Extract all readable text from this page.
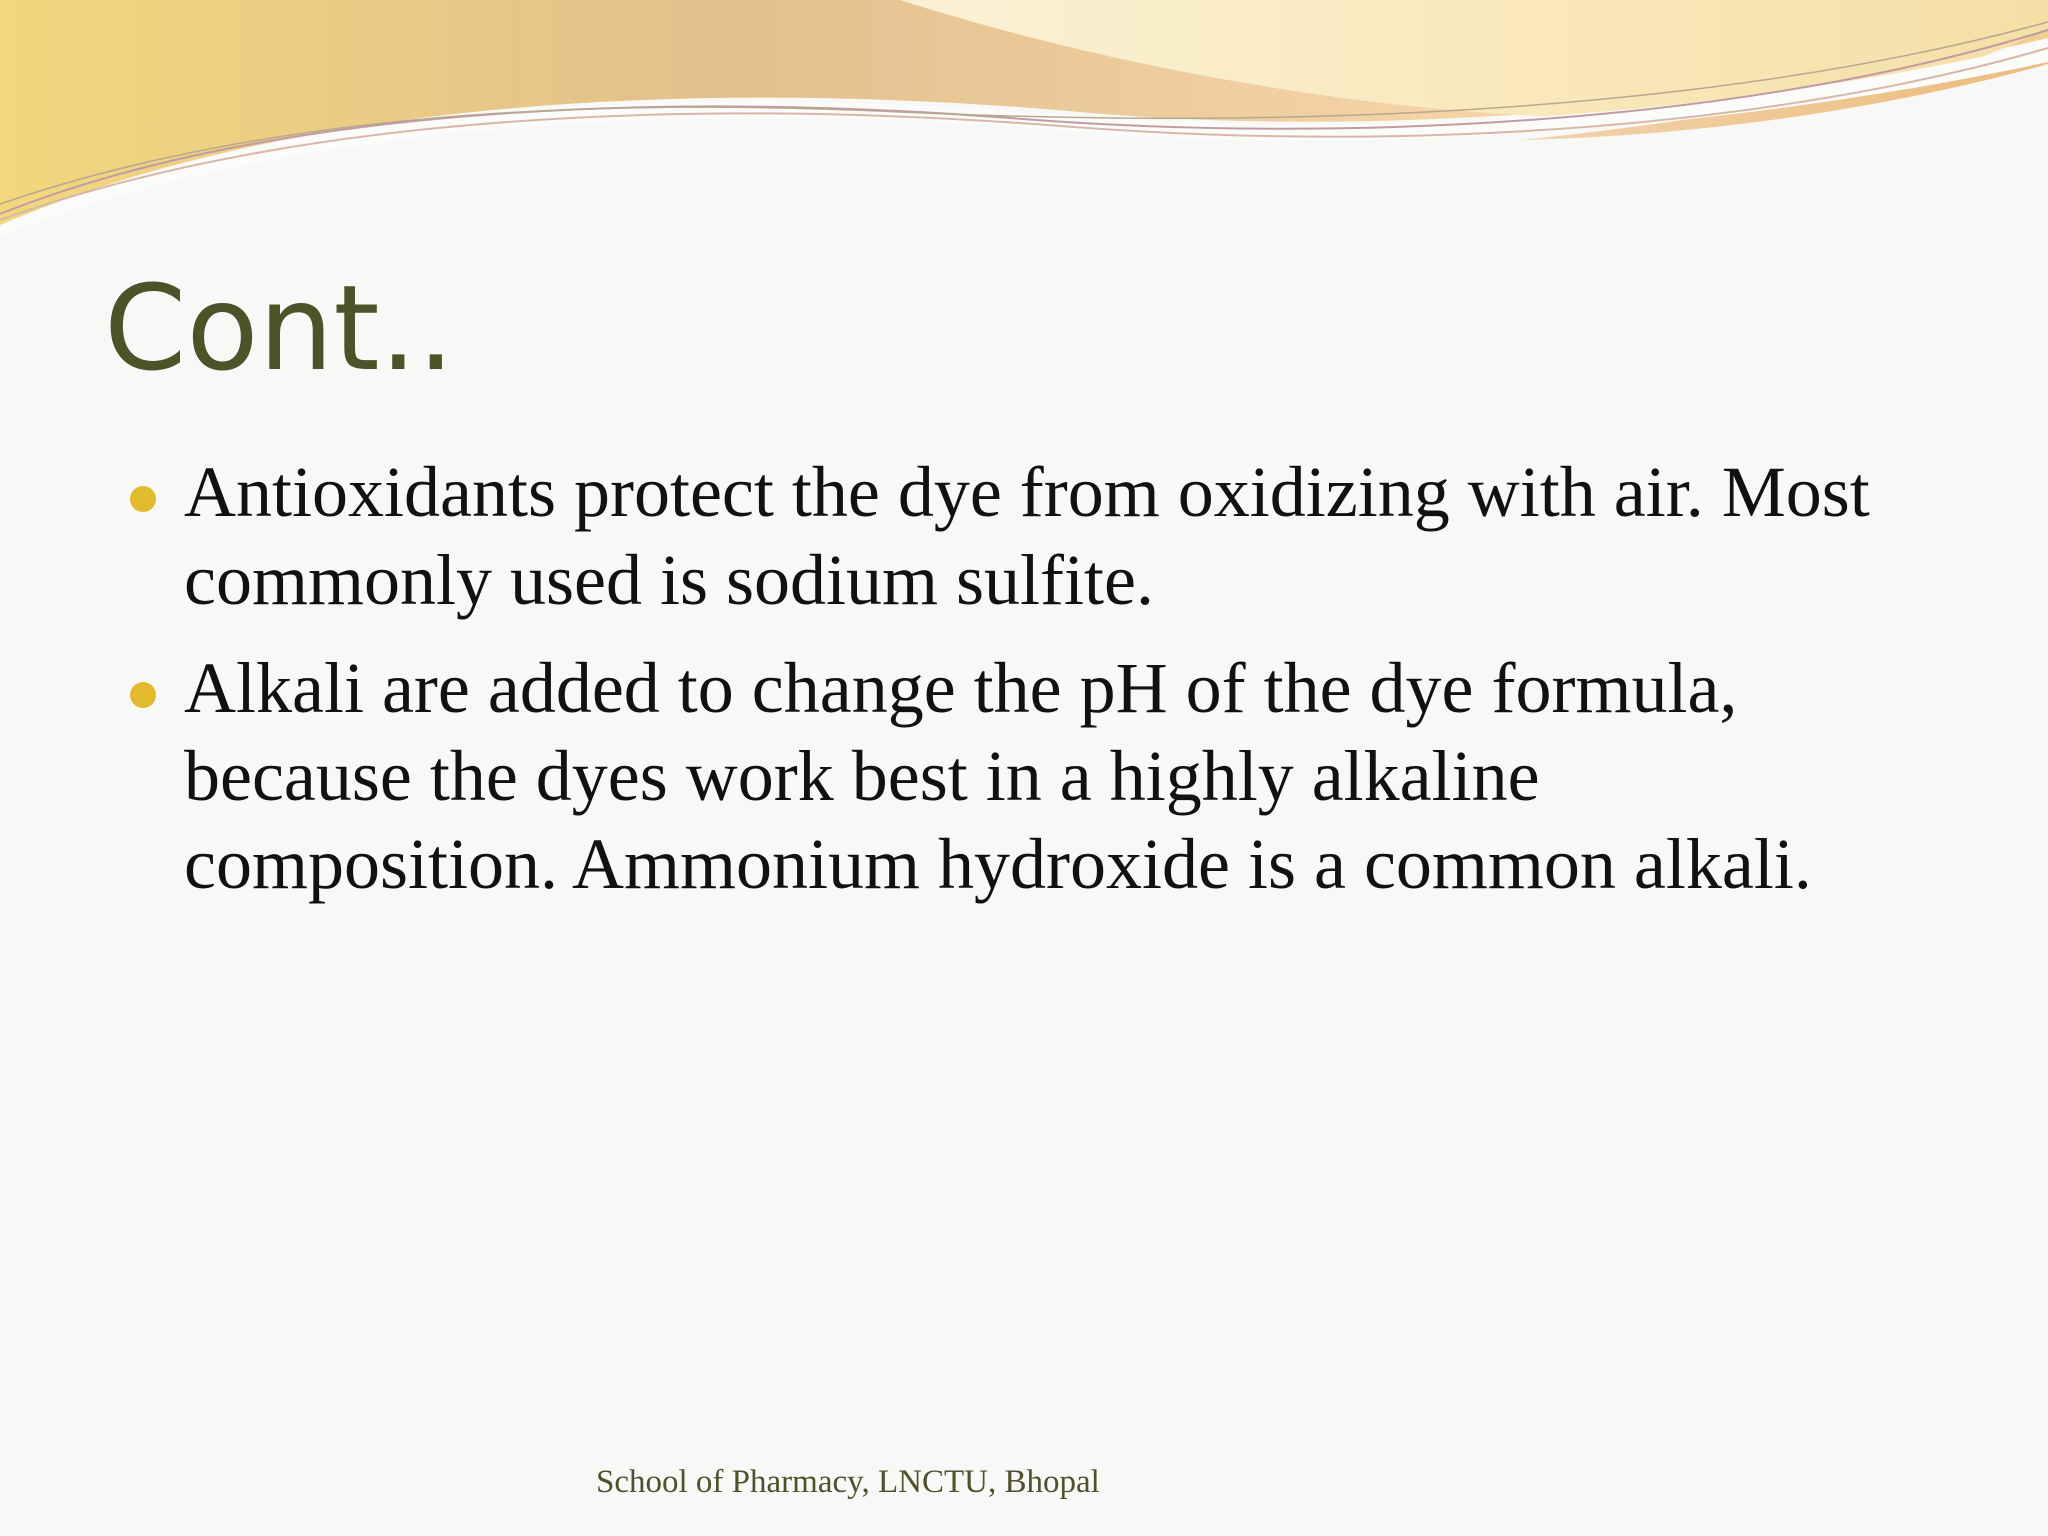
Cont..
Antioxidants protect the dye from oxidizing with air. Most commonly used is sodium sulfite.
Alkali are added to change the pH of the dye formula, because the dyes work best in a highly alkaline composition. Ammonium hydroxide is a common alkali.
School of Pharmacy, LNCTU, Bhopal
